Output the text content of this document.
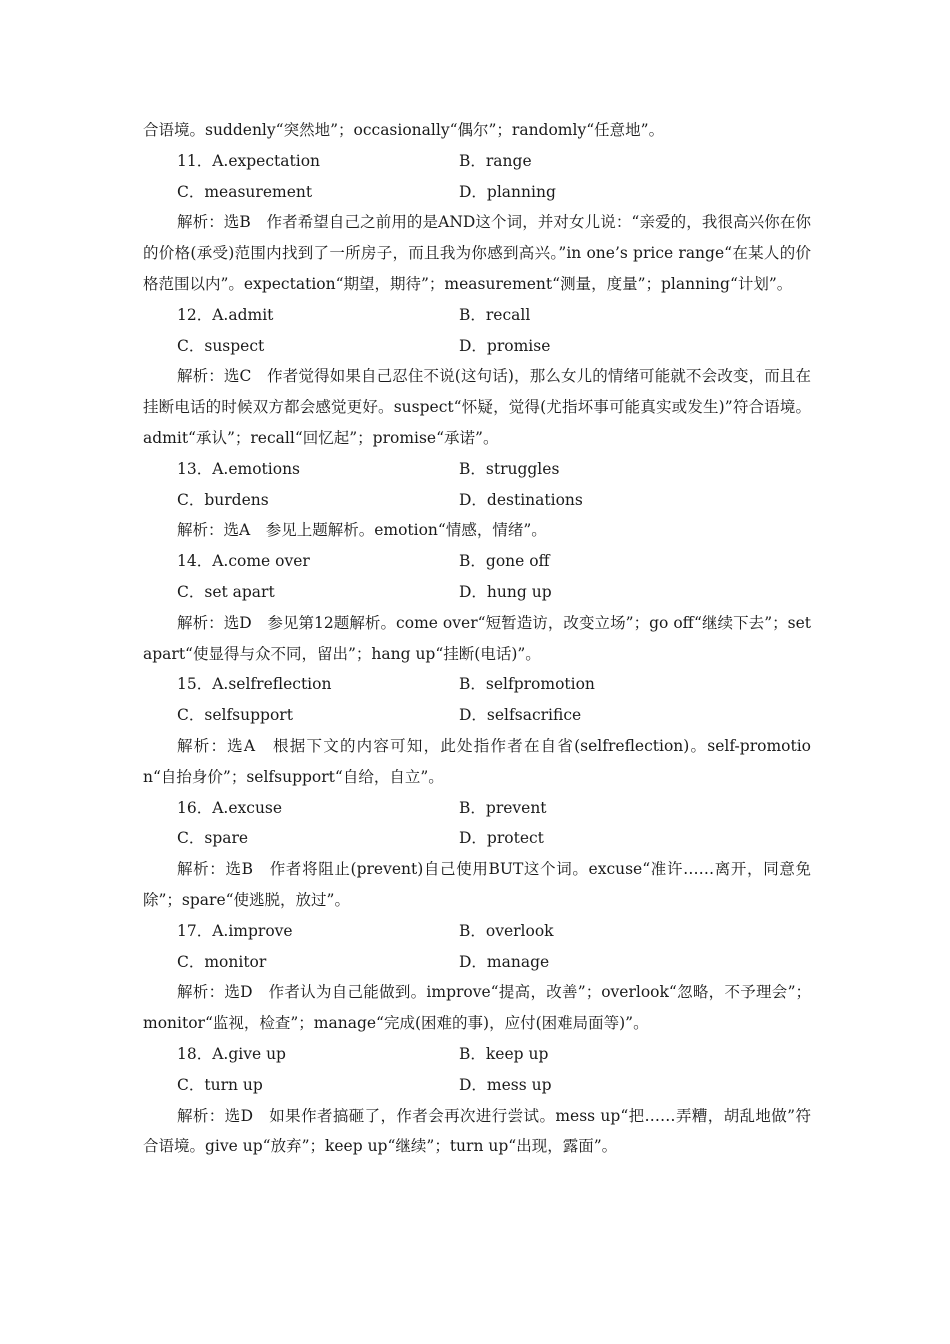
合语境。suddenly“突然地”；occasionally“偶尔”；randomly“任意地”。
11．A.expectation	B．range
C．measurement	D．planning
解析：选B　作者希望自己之前用的是AND这个词，并对女儿说：“亲爱的，我很高兴你在你的价格(承受)范围内找到了一所房子，而且我为你感到高兴。”in one’s price range“在某人的价格范围以内”。expectation“期望，期待”；measurement“测量，度量”；planning“计划”。
12．A.admit	B．recall
C．suspect	D．promise
解析：选C　作者觉得如果自己忍住不说(这句话)，那么女儿的情绪可能就不会改变，而且在挂断电话的时候双方都会感觉更好。suspect“怀疑，觉得(尤指坏事可能真实或发生)”符合语境。admit“承认”；recall“回忆起”；promise“承诺”。
13．A.emotions	B．struggles
C．burdens	D．destinations
解析：选A　参见上题解析。emotion“情感，情绪”。
14．A.come over	B．gone off
C．set apart	D．hung up
解析：选D　参见第12题解析。come over“短暂造访，改变立场”；go off“继续下去”；set apart“使显得与众不同，留出”；hang up“挂断(电话)”。
15．A.selfreflection	B．selfpromotion
C．selfsupport	D．selfsacrifice
解析：选A　根据下文的内容可知，此处指作者在自省(selfreflection)。self-promotion“自抬身价”；selfsupport“自给，自立”。
16．A.excuse	B．prevent
C．spare	D．protect
解析：选B　作者将阻止(prevent)自己使用BUT这个词。excuse“准许……离开，同意免除”；spare“使逃脱，放过”。
17．A.improve	B．overlook
C．monitor	D．manage
解析：选D　作者认为自己能做到。improve“提高，改善”；overlook“忽略，不予理会”；monitor“监视，检查”；manage“完成(困难的事)，应付(困难局面等)”。
18．A.give up	B．keep up
C．turn up	D．mess up
解析：选D　如果作者搞砸了，作者会再次进行尝试。mess up“把……弄糟，胡乱地做”符合语境。give up“放弃”；keep up“继续”；turn up“出现，露面”。
